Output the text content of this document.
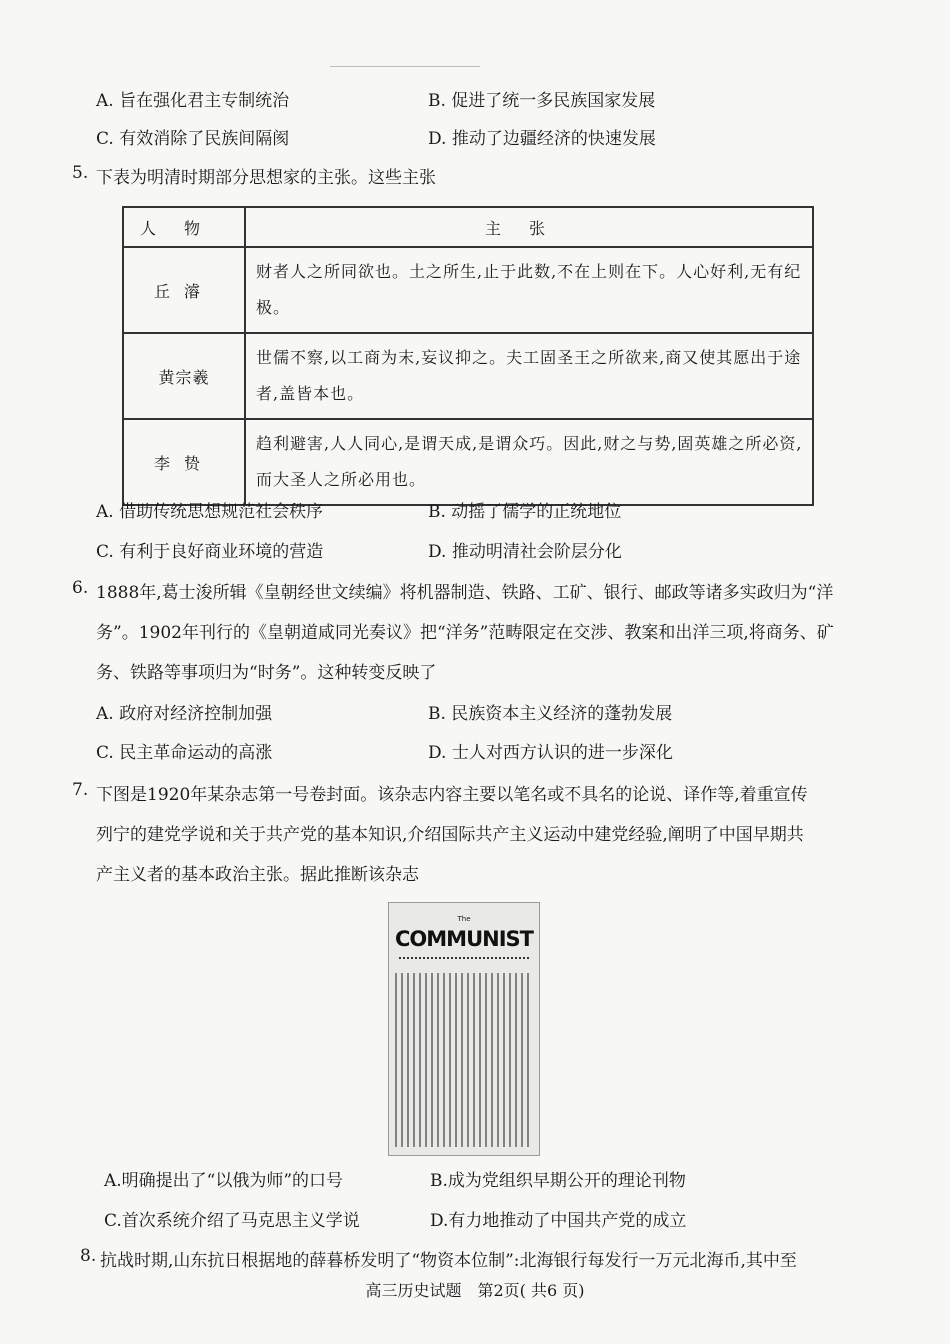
A. 旨在强化君主专制统治	B. 促进了统一多民族国家发展
C. 有效消除了民族间隔阂	D. 推动了边疆经济的快速发展
5. 下表为明清时期部分思想家的主张。这些主张
人物	主张
丘濬	财者人之所同欲也。土之所生,止于此数,不在上则在下。人心好利,无有纪极。
黄宗羲	世儒不察,以工商为末,妄议抑之。夫工固圣王之所欲来,商又使其愿出于途者,盖皆本也。
李贽	趋利避害,人人同心,是谓天成,是谓众巧。因此,财之与势,固英雄之所必资,而大圣人之所必用也。
A. 借助传统思想规范社会秩序	B. 动摇了儒学的正统地位
C. 有利于良好商业环境的营造	D. 推动明清社会阶层分化
6. 1888年,葛士浚所辑《皇朝经世文续编》将机器制造、铁路、工矿、银行、邮政等诸多实政归为“洋
务”。1902年刊行的《皇朝道咸同光奏议》把“洋务”范畴限定在交涉、教案和出洋三项,将商务、矿
务、铁路等事项归为“时务”。这种转变反映了
A. 政府对经济控制加强	B. 民族资本主义经济的蓬勃发展
C. 民主革命运动的高涨	D. 士人对西方认识的进一步深化
7. 下图是1920年某杂志第一号卷封面。该杂志内容主要以笔名或不具名的论说、译作等,着重宣传
列宁的建党学说和关于共产党的基本知识,介绍国际共产主义运动中建党经验,阐明了中国早期共
产主义者的基本政治主张。据此推断该杂志
The
COMMUNIST
A.明确提出了“以俄为师”的口号	B.成为党组织早期公开的理论刊物
C.首次系统介绍了马克思主义学说	D.有力地推动了中国共产党的成立
8. 抗战时期,山东抗日根据地的薛暮桥发明了“物资本位制”:北海银行每发行一万元北海币,其中至
高三历史试题　第2页( 共6 页)
